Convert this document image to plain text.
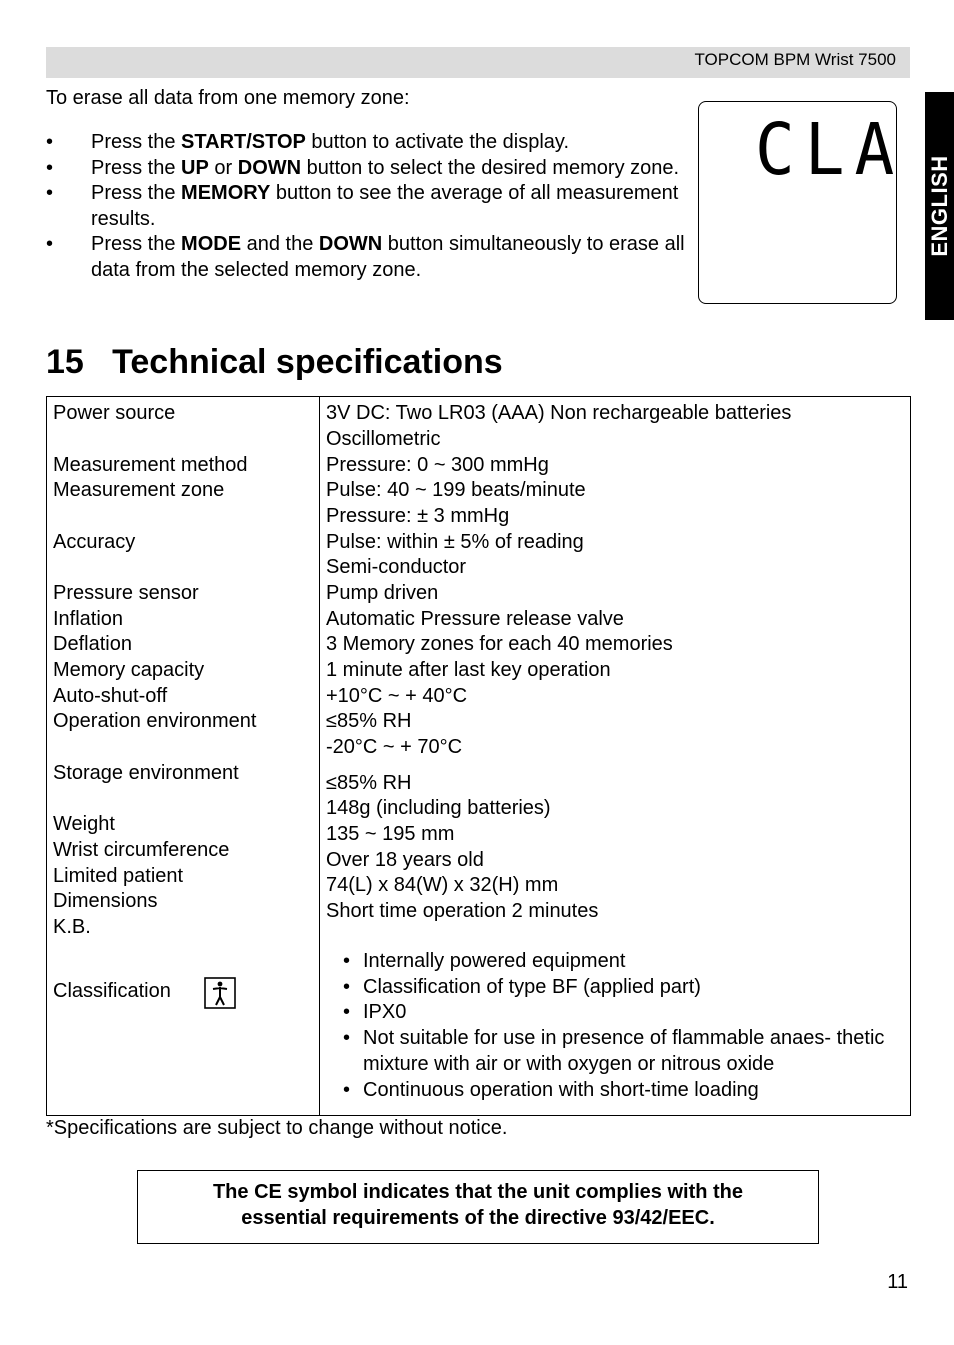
TOPCOM BPM Wrist 7500
ENGLISH
To erase all data from one memory zone:
• Press the START/STOP button to activate the display.
• Press the UP or DOWN button to select the desired memory zone.
• Press the MEMORY button to see the average of all measurement results.
• Press the MODE and the DOWN button simultaneously to erase all data from the selected memory zone.
CLA
15   Technical specifications
Power source
Measurement method
Measurement zone
Accuracy
Pressure sensor
Inflation
Deflation
Memory capacity
Auto-shut-off
Operation environment
Storage environment
Weight
Wrist circumference
Limited patient
Dimensions
K.B.
Classification
3V DC: Two LR03 (AAA) Non rechargeable batteries
Oscillometric
Pressure: 0 ~ 300 mmHg
Pulse: 40 ~ 199 beats/minute
Pressure: ± 3 mmHg
Pulse: within ± 5% of reading
Semi-conductor
Pump driven
Automatic Pressure release valve
3 Memory zones for each 40 memories
1 minute after last key operation
+10°C ~ + 40°C
≤85% RH
-20°C ~ + 70°C
≤85% RH
148g (including batteries)
135 ~ 195 mm
Over 18 years old
74(L) x 84(W) x 32(H) mm
Short time operation 2 minutes
• Internally powered equipment
• Classification of type BF (applied part)
• IPX0
• Not suitable for use in presence of flammable anaes- thetic mixture with air or with oxygen or nitrous oxide
• Continuous operation with short-time loading
*Specifications are subject to change without notice.
The CE symbol indicates that the unit complies with the
essential requirements of the directive 93/42/EEC.
11
